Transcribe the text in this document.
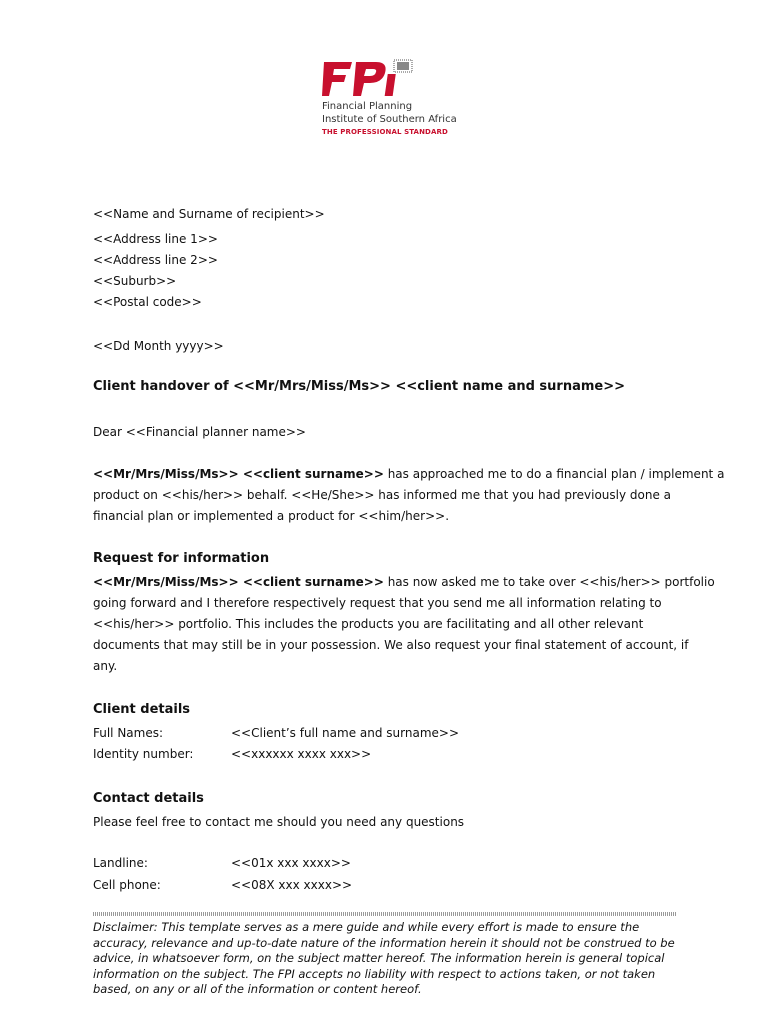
Financial Planning
Institute of Southern Africa
THE PROFESSIONAL STANDARD
<<Name and Surname of recipient>>
<<Address line 1>>
<<Address line 2>>
<<Suburb>>
<<Postal code>>
<<Dd Month yyyy>>
Client handover of <<Mr/Mrs/Miss/Ms>> <<client name and surname>>
Dear <<Financial planner name>>
<<Mr/Mrs/Miss/Ms>> <<client surname>> has approached me to do a financial plan / implement a
product on <<his/her>> behalf. <<He/She>> has informed me that you had previously done a
financial plan or implemented a product for <<him/her>>.
Request for information
<<Mr/Mrs/Miss/Ms>> <<client surname>> has now asked me to take over <<his/her>> portfolio
going forward and I therefore respectively request that you send me all information relating to
<<his/her>> portfolio. This includes the products you are facilitating and all other relevant
documents that may still be in your possession. We also request your final statement of account, if
any.
Client details
Full Names:	<<Client’s full name and surname>>
Identity number:	<<xxxxxx xxxx xxx>>
Contact details
Please feel free to contact me should you need any questions
Landline:	<<01x xxx xxxx>>
Cell phone:	<<08X xxx xxxx>>
Disclaimer: This template serves as a mere guide and while every effort is made to ensure the accuracy, relevance and up-to-date nature of the information herein it should not be construed to be advice, in whatsoever form, on the subject matter hereof. The information herein is general topical information on the subject. The FPI accepts no liability with respect to actions taken, or not taken based, on any or all of the information or content hereof.
